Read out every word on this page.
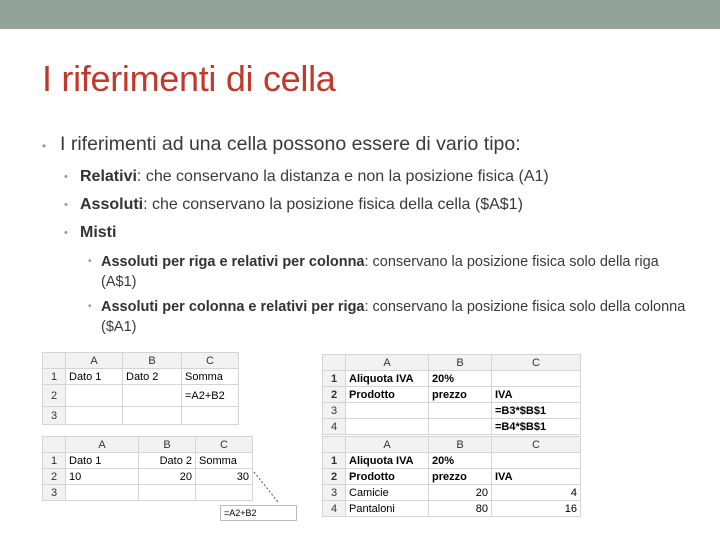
I riferimenti di cella
• I riferimenti ad una cella possono essere di vario tipo:
• Relativi: che conservano la distanza e non la posizione fisica (A1)
• Assoluti: che conservano la posizione fisica della cella ($A$1)
• Misti
• Assoluti per riga e relativi per colonna: conservano la posizione fisica solo della riga (A$1)
• Assoluti per colonna e relativi per riga: conservano la posizione fisica solo della colonna ($A1)
	A	B	C
1	Dato 1	Dato 2	Somma
2			=A2+B2
3			
	A	B	C
1	Dato 1	Dato 2	Somma
2	10	20	30
3			
=A2+B2
	A	B	C
1	Aliquota IVA	20%	
2	Prodotto	prezzo	IVA
3			=B3*$B$1
4			=B4*$B$1
	A	B	C
1	Aliquota IVA	20%	
2	Prodotto	prezzo	IVA
3	Camicie	20	4
4	Pantaloni	80	16
